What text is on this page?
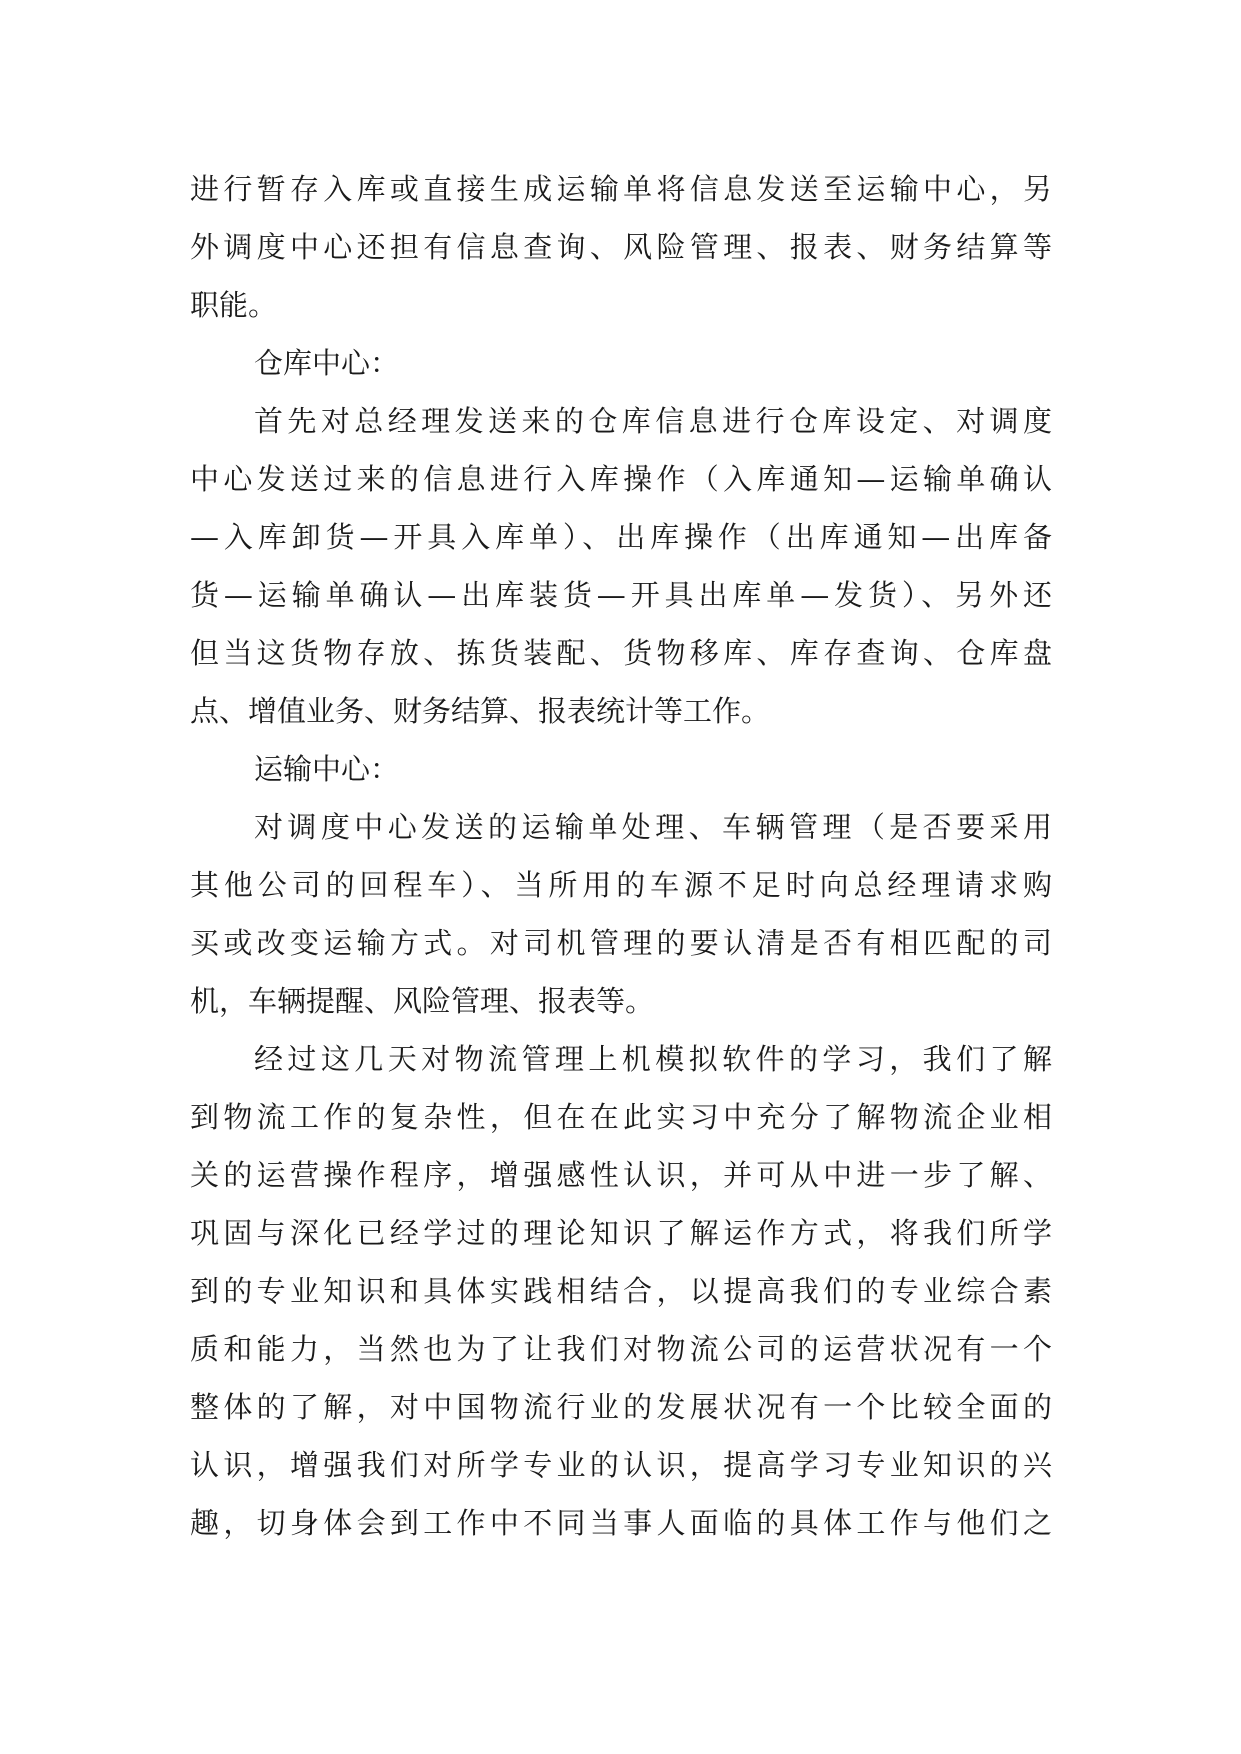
进行暂存入库或直接生成运输单将信息发送至运输中心，另
外调度中心还担有信息查询、风险管理、报表、财务结算等
职能。
仓库中心：
首先对总经理发送来的仓库信息进行仓库设定、对调度
中心发送过来的信息进行入库操作（入库通知—运输单确认
—入库卸货—开具入库单）、出库操作（出库通知—出库备
货—运输单确认—出库装货—开具出库单—发货）、另外还
但当这货物存放、拣货装配、货物移库、库存查询、仓库盘
点、增值业务、财务结算、报表统计等工作。
运输中心：
对调度中心发送的运输单处理、车辆管理（是否要采用
其他公司的回程车）、当所用的车源不足时向总经理请求购
买或改变运输方式。对司机管理的要认清是否有相匹配的司
机，车辆提醒、风险管理、报表等。
经过这几天对物流管理上机模拟软件的学习，我们了解
到物流工作的复杂性，但在在此实习中充分了解物流企业相
关的运营操作程序，增强感性认识，并可从中进一步了解、
巩固与深化已经学过的理论知识了解运作方式，将我们所学
到的专业知识和具体实践相结合，以提高我们的专业综合素
质和能力，当然也为了让我们对物流公司的运营状况有一个
整体的了解，对中国物流行业的发展状况有一个比较全面的
认识，增强我们对所学专业的认识，提高学习专业知识的兴
趣，切身体会到工作中不同当事人面临的具体工作与他们之
